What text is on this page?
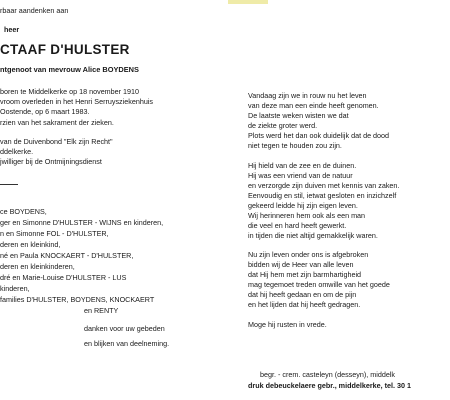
rbaar aandenken aan
heer
CTAAF D'HULSTER
ntgenoot van mevrouw Alice BOYDENS
boren te Middelkerke op 18 november 1910
vroom overleden in het Henri Serruysziekenhuis
Oostende, op 6 maart 1983.
rzien van het sakrament der zieken.
van de Duivenbond "Elk zijn Recht"
ddelkerke.
jwilliger bij de Ontmijningsdienst
ce BOYDENS,
ger en Simonne D'HULSTER - WIJNS en kinderen,
n en Simonne FOL - D'HULSTER,
deren en kleinkind,
né en Paula KNOCKAERT - D'HULSTER,
deren en kleinkinderen,
dré en Marie-Louise D'HULSTER - LUS
kinderen,
families D'HULSTER, BOYDENS, KNOCKAERT
en RENTY
danken voor uw gebeden
en blijken van deelneming.
Vandaag zijn we in rouw nu het leven
van deze man een einde heeft genomen.
De laatste weken wisten we dat
de ziekte groter werd.
Plots werd het dan ook duidelijk dat de dood
niet tegen te houden zou zijn.
Hij hield van de zee en de duinen.
Hij was een vriend van de natuur
en verzorgde zijn duiven met kennis van zaken.
Eenvoudig en stil, ietwat gesloten en inzichzelf
gekeerd leidde hij zijn eigen leven.
Wij herinneren hem ook als een man
die veel en hard heeft gewerkt.
in tijden die niet altijd gemakkelijk waren.
Nu zijn leven onder ons is afgebroken
bidden wij de Heer van alle leven
dat Hij hem met zijn barmhartigheid
mag tegemoet treden omwille van het goede
dat hij heeft gedaan en om de pijn
en het lijden dat hij heeft gedragen.
Moge hij rusten in vrede.
begr. - crem. casteleyn (desseyn), middelk
druk debeuckelaere gebr., middelkerke, tel. 30 1
